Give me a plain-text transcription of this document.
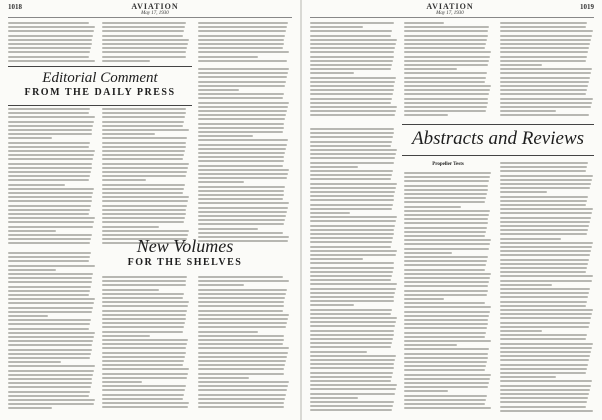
1018	AVIATION
May 17, 1930
Editorial Comment
FROM THE DAILY PRESS
New Volumes
FOR THE SHELVES
AVIATION
May 17, 1930
1019
Abstracts and Reviews
Propeller Tests
